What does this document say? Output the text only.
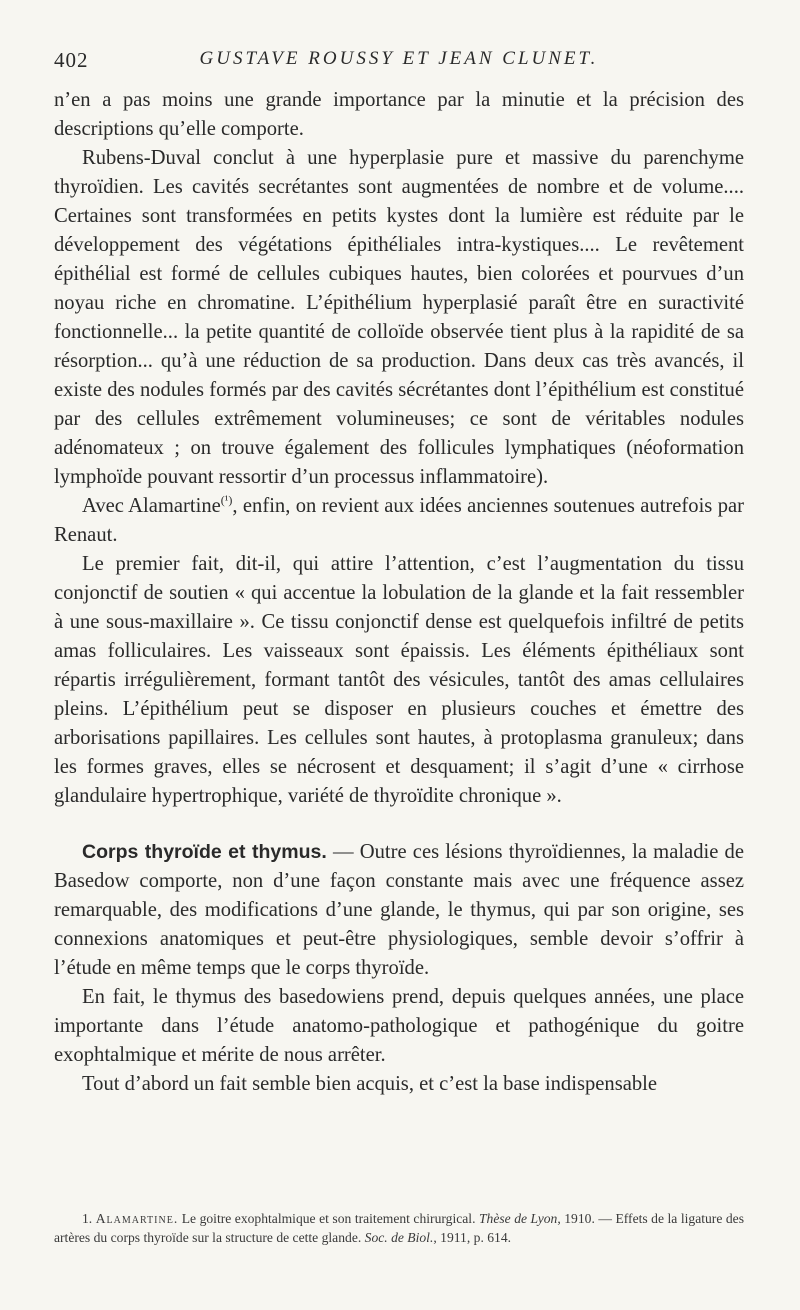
402	GUSTAVE ROUSSY ET JEAN CLUNET.

n’en a pas moins une grande importance par la minutie et la précision des descriptions qu’elle comporte.

Rubens-Duval conclut à une hyperplasie pure et massive du parenchyme thyroïdien. Les cavités secrétantes sont augmentées de nombre et de volume.... Certaines sont transformées en petits kystes dont la lumière est réduite par le développement des végétations épithéliales intra-kystiques.... Le revêtement épithélial est formé de cellules cubiques hautes, bien colorées et pourvues d’un noyau riche en chromatine. L’épithélium hyperplasié paraît être en suractivité fonctionnelle... la petite quantité de colloïde observée tient plus à la rapidité de sa résorption... qu’à une réduction de sa production. Dans deux cas très avancés, il existe des nodules formés par des cavités sécrétantes dont l’épithélium est constitué par des cellules extrêmement volumineuses; ce sont de véritables nodules adénomateux ; on trouve également des follicules lymphatiques (néoformation lymphoïde pouvant ressortir d’un processus inflammatoire).

Avec Alamartine$^{(^1)}$, enfin, on revient aux idées anciennes soutenues autrefois par Renaut.

Le premier fait, dit-il, qui attire l’attention, c’est l’augmentation du tissu conjonctif de soutien « qui accentue la lobulation de la glande et la fait ressembler à une sous-maxillaire ». Ce tissu conjonctif dense est quelquefois infiltré de petits amas folliculaires. Les vaisseaux sont épaissis. Les éléments épithéliaux sont répartis irrégulièrement, formant tantôt des vésicules, tantôt des amas cellulaires pleins. L’épithélium peut se disposer en plusieurs couches et émettre des arborisations papillaires. Les cellules sont hautes, à protoplasma granuleux; dans les formes graves, elles se nécrosent et desquament; il s’agit d’une « cirrhose glandulaire hypertrophique, variété de thyroïdite chronique ».

Corps thyroïde et thymus. — Outre ces lésions thyroïdiennes, la maladie de Basedow comporte, non d’une façon constante mais avec une fréquence assez remarquable, des modifications d’une glande, le thymus, qui par son origine, ses connexions anatomiques et peut-être physiologiques, semble devoir s’offrir à l’étude en même temps que le corps thyroïde.

En fait, le thymus des basedowiens prend, depuis quelques années, une place importante dans l’étude anatomo-pathologique et pathogénique du goitre exophtalmique et mérite de nous arrêter.

Tout d’abord un fait semble bien acquis, et c’est la base indispensable

1. Alamartine. Le goitre exophtalmique et son traitement chirurgical. Thèse de Lyon, 1910. — Effets de la ligature des artères du corps thyroïde sur la structure de cette glande. Soc. de Biol., 1911, p. 614.
